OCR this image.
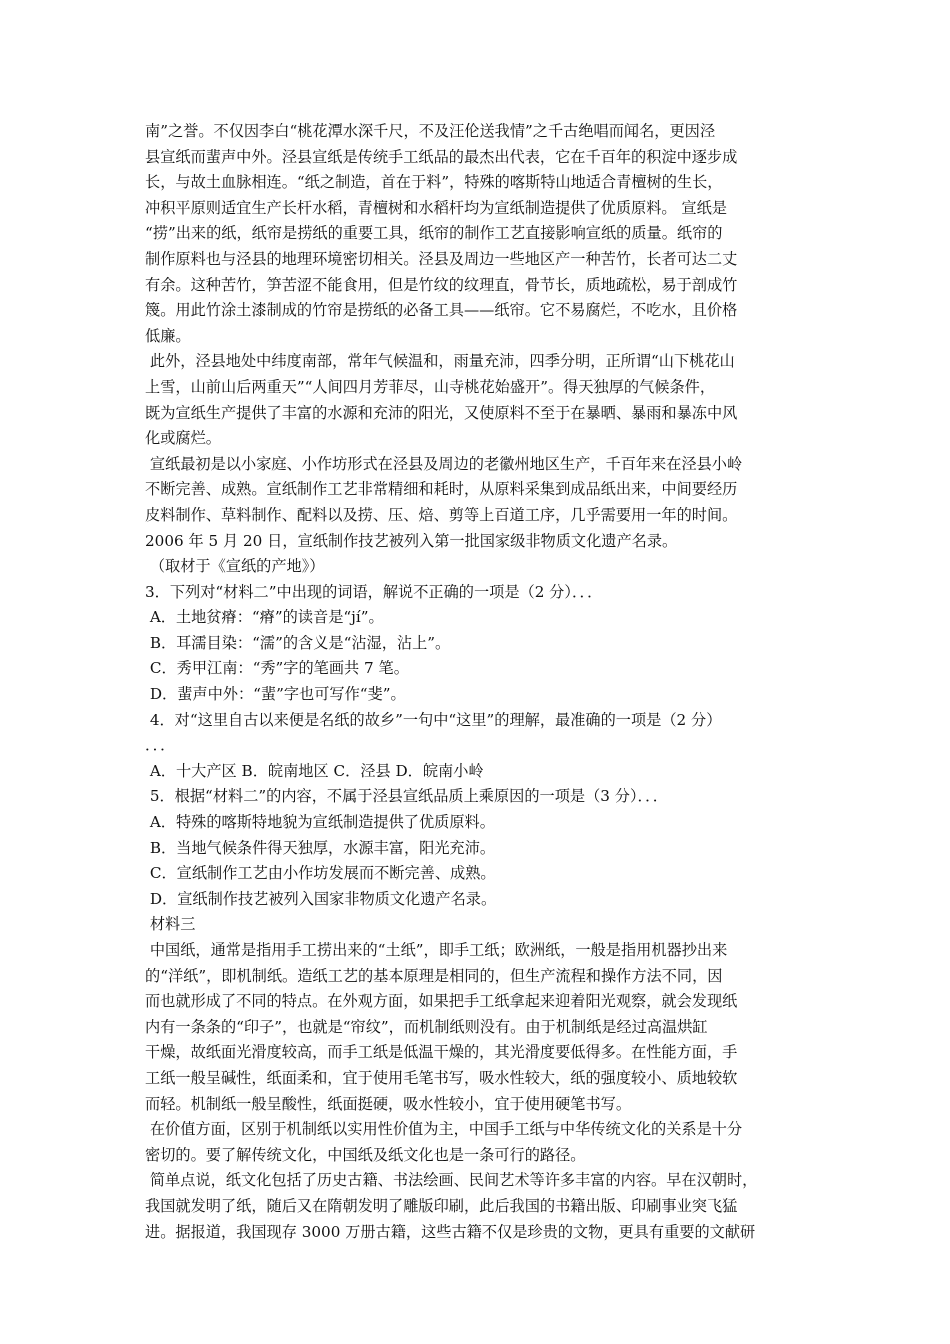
南”之誉。不仅因李白“桃花潭水深千尺，不及汪伦送我情”之千古绝唱而闻名，更因泾
县宣纸而蜚声中外。泾县宣纸是传统手工纸品的最杰出代表，它在千百年的积淀中逐步成
长，与故土血脉相连。“纸之制造，首在于料”，特殊的喀斯特山地适合青檀树的生长，
冲积平原则适宜生产长杆水稻，青檀树和水稻杆均为宣纸制造提供了优质原料。 宣纸是
“捞”出来的纸，纸帘是捞纸的重要工具，纸帘的制作工艺直接影响宣纸的质量。纸帘的
制作原料也与泾县的地理环境密切相关。泾县及周边一些地区产一种苦竹，长者可达二丈
有余。这种苦竹，笋苦涩不能食用，但是竹纹的纹理直，骨节长，质地疏松，易于剖成竹
篾。用此竹涂土漆制成的竹帘是捞纸的必备工具——纸帘。它不易腐烂，不吃水，且价格
低廉。
此外，泾县地处中纬度南部，常年气候温和，雨量充沛，四季分明，正所谓“山下桃花山
上雪，山前山后两重天”“人间四月芳菲尽，山寺桃花始盛开”。得天独厚的气候条件，
既为宣纸生产提供了丰富的水源和充沛的阳光，又使原料不至于在暴晒、暴雨和暴冻中风
化或腐烂。
宣纸最初是以小家庭、小作坊形式在泾县及周边的老徽州地区生产，千百年来在泾县小岭
不断完善、成熟。宣纸制作工艺非常精细和耗时，从原料采集到成品纸出来，中间要经历
皮料制作、草料制作、配料以及捞、压、焙、剪等上百道工序，几乎需要用一年的时间。
2006 年 5 月 20 日，宣纸制作技艺被列入第一批国家级非物质文化遗产名录。
（取材于《宣纸的产地》）
3．下列对“材料二”中出现的词语，解说不正确的一项是（2 分）．．．
A．土地贫瘠：“瘠”的读音是“jí”。
B．耳濡目染：“濡”的含义是“沾湿，沾上”。
C．秀甲江南：“秀”字的笔画共 7 笔。
D．蜚声中外：“蜚”字也可写作“斐”。
4．对“这里自古以来便是名纸的故乡”一句中“这里”的理解，最准确的一项是（2 分）
．．．
A．十大产区 B．皖南地区 C．泾县 D．皖南小岭
5．根据“材料二”的内容，不属于泾县宣纸品质上乘原因的一项是（3 分）．．．
A．特殊的喀斯特地貌为宣纸制造提供了优质原料。
B．当地气候条件得天独厚，水源丰富，阳光充沛。
C．宣纸制作工艺由小作坊发展而不断完善、成熟。
D．宣纸制作技艺被列入国家非物质文化遗产名录。
材料三
中国纸，通常是指用手工捞出来的“土纸”，即手工纸；欧洲纸，一般是指用机器抄出来
的“洋纸”，即机制纸。造纸工艺的基本原理是相同的，但生产流程和操作方法不同，因
而也就形成了不同的特点。在外观方面，如果把手工纸拿起来迎着阳光观察，就会发现纸
内有一条条的“印子”，也就是“帘纹”，而机制纸则没有。由于机制纸是经过高温烘缸
干燥，故纸面光滑度较高，而手工纸是低温干燥的，其光滑度要低得多。在性能方面，手
工纸一般呈碱性，纸面柔和，宜于使用毛笔书写，吸水性较大，纸的强度较小、质地较软
而轻。机制纸一般呈酸性，纸面挺硬，吸水性较小，宜于使用硬笔书写。
在价值方面，区别于机制纸以实用性价值为主，中国手工纸与中华传统文化的关系是十分
密切的。要了解传统文化，中国纸及纸文化也是一条可行的路径。
简单点说，纸文化包括了历史古籍、书法绘画、民间艺术等许多丰富的内容。早在汉朝时，
我国就发明了纸，随后又在隋朝发明了雕版印刷，此后我国的书籍出版、印刷事业突飞猛
进。据报道，我国现存 3000 万册古籍，这些古籍不仅是珍贵的文物，更具有重要的文献研
